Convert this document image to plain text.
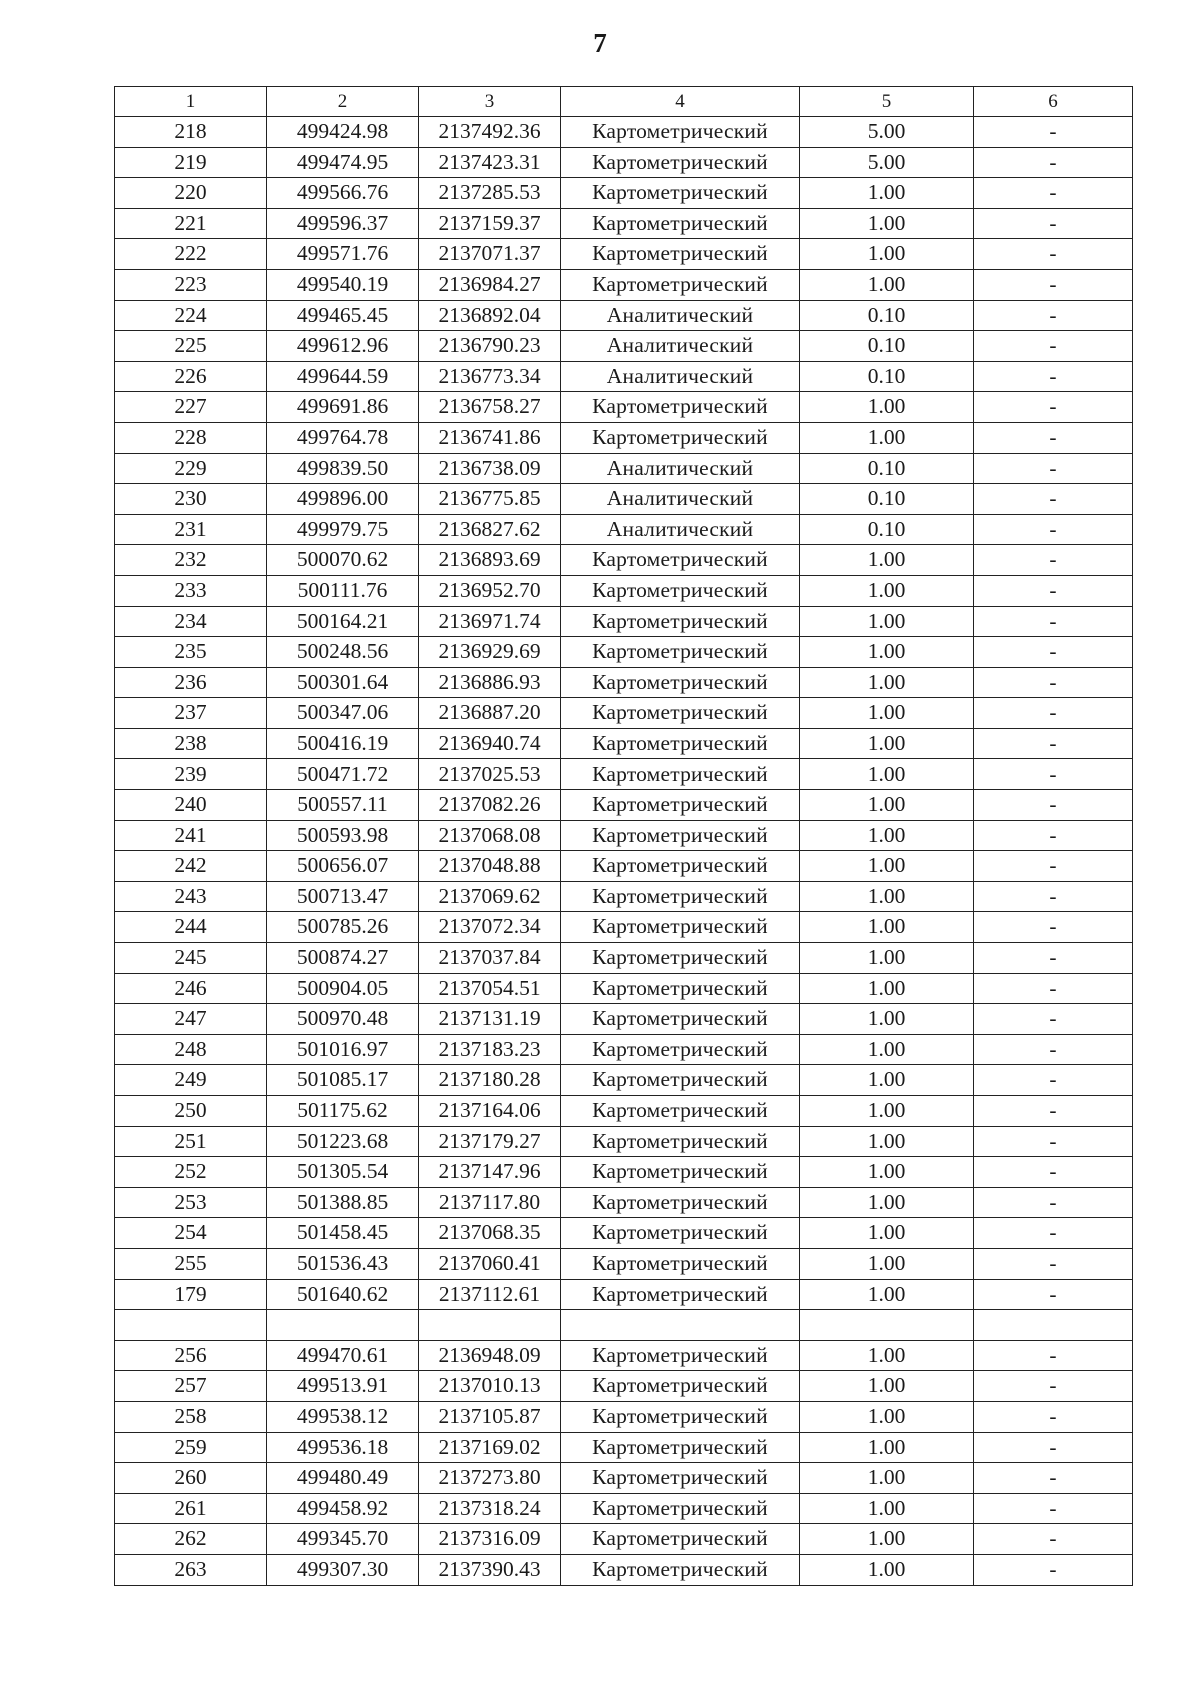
7
1	2	3	4	5	6
218	499424.98	2137492.36	Картометрический	5.00	-
219	499474.95	2137423.31	Картометрический	5.00	-
220	499566.76	2137285.53	Картометрический	1.00	-
221	499596.37	2137159.37	Картометрический	1.00	-
222	499571.76	2137071.37	Картометрический	1.00	-
223	499540.19	2136984.27	Картометрический	1.00	-
224	499465.45	2136892.04	Аналитический	0.10	-
225	499612.96	2136790.23	Аналитический	0.10	-
226	499644.59	2136773.34	Аналитический	0.10	-
227	499691.86	2136758.27	Картометрический	1.00	-
228	499764.78	2136741.86	Картометрический	1.00	-
229	499839.50	2136738.09	Аналитический	0.10	-
230	499896.00	2136775.85	Аналитический	0.10	-
231	499979.75	2136827.62	Аналитический	0.10	-
232	500070.62	2136893.69	Картометрический	1.00	-
233	500111.76	2136952.70	Картометрический	1.00	-
234	500164.21	2136971.74	Картометрический	1.00	-
235	500248.56	2136929.69	Картометрический	1.00	-
236	500301.64	2136886.93	Картометрический	1.00	-
237	500347.06	2136887.20	Картометрический	1.00	-
238	500416.19	2136940.74	Картометрический	1.00	-
239	500471.72	2137025.53	Картометрический	1.00	-
240	500557.11	2137082.26	Картометрический	1.00	-
241	500593.98	2137068.08	Картометрический	1.00	-
242	500656.07	2137048.88	Картометрический	1.00	-
243	500713.47	2137069.62	Картометрический	1.00	-
244	500785.26	2137072.34	Картометрический	1.00	-
245	500874.27	2137037.84	Картометрический	1.00	-
246	500904.05	2137054.51	Картометрический	1.00	-
247	500970.48	2137131.19	Картометрический	1.00	-
248	501016.97	2137183.23	Картометрический	1.00	-
249	501085.17	2137180.28	Картометрический	1.00	-
250	501175.62	2137164.06	Картометрический	1.00	-
251	501223.68	2137179.27	Картометрический	1.00	-
252	501305.54	2137147.96	Картометрический	1.00	-
253	501388.85	2137117.80	Картометрический	1.00	-
254	501458.45	2137068.35	Картометрический	1.00	-
255	501536.43	2137060.41	Картометрический	1.00	-
179	501640.62	2137112.61	Картометрический	1.00	-

256	499470.61	2136948.09	Картометрический	1.00	-
257	499513.91	2137010.13	Картометрический	1.00	-
258	499538.12	2137105.87	Картометрический	1.00	-
259	499536.18	2137169.02	Картометрический	1.00	-
260	499480.49	2137273.80	Картометрический	1.00	-
261	499458.92	2137318.24	Картометрический	1.00	-
262	499345.70	2137316.09	Картометрический	1.00	-
263	499307.30	2137390.43	Картометрический	1.00	-
